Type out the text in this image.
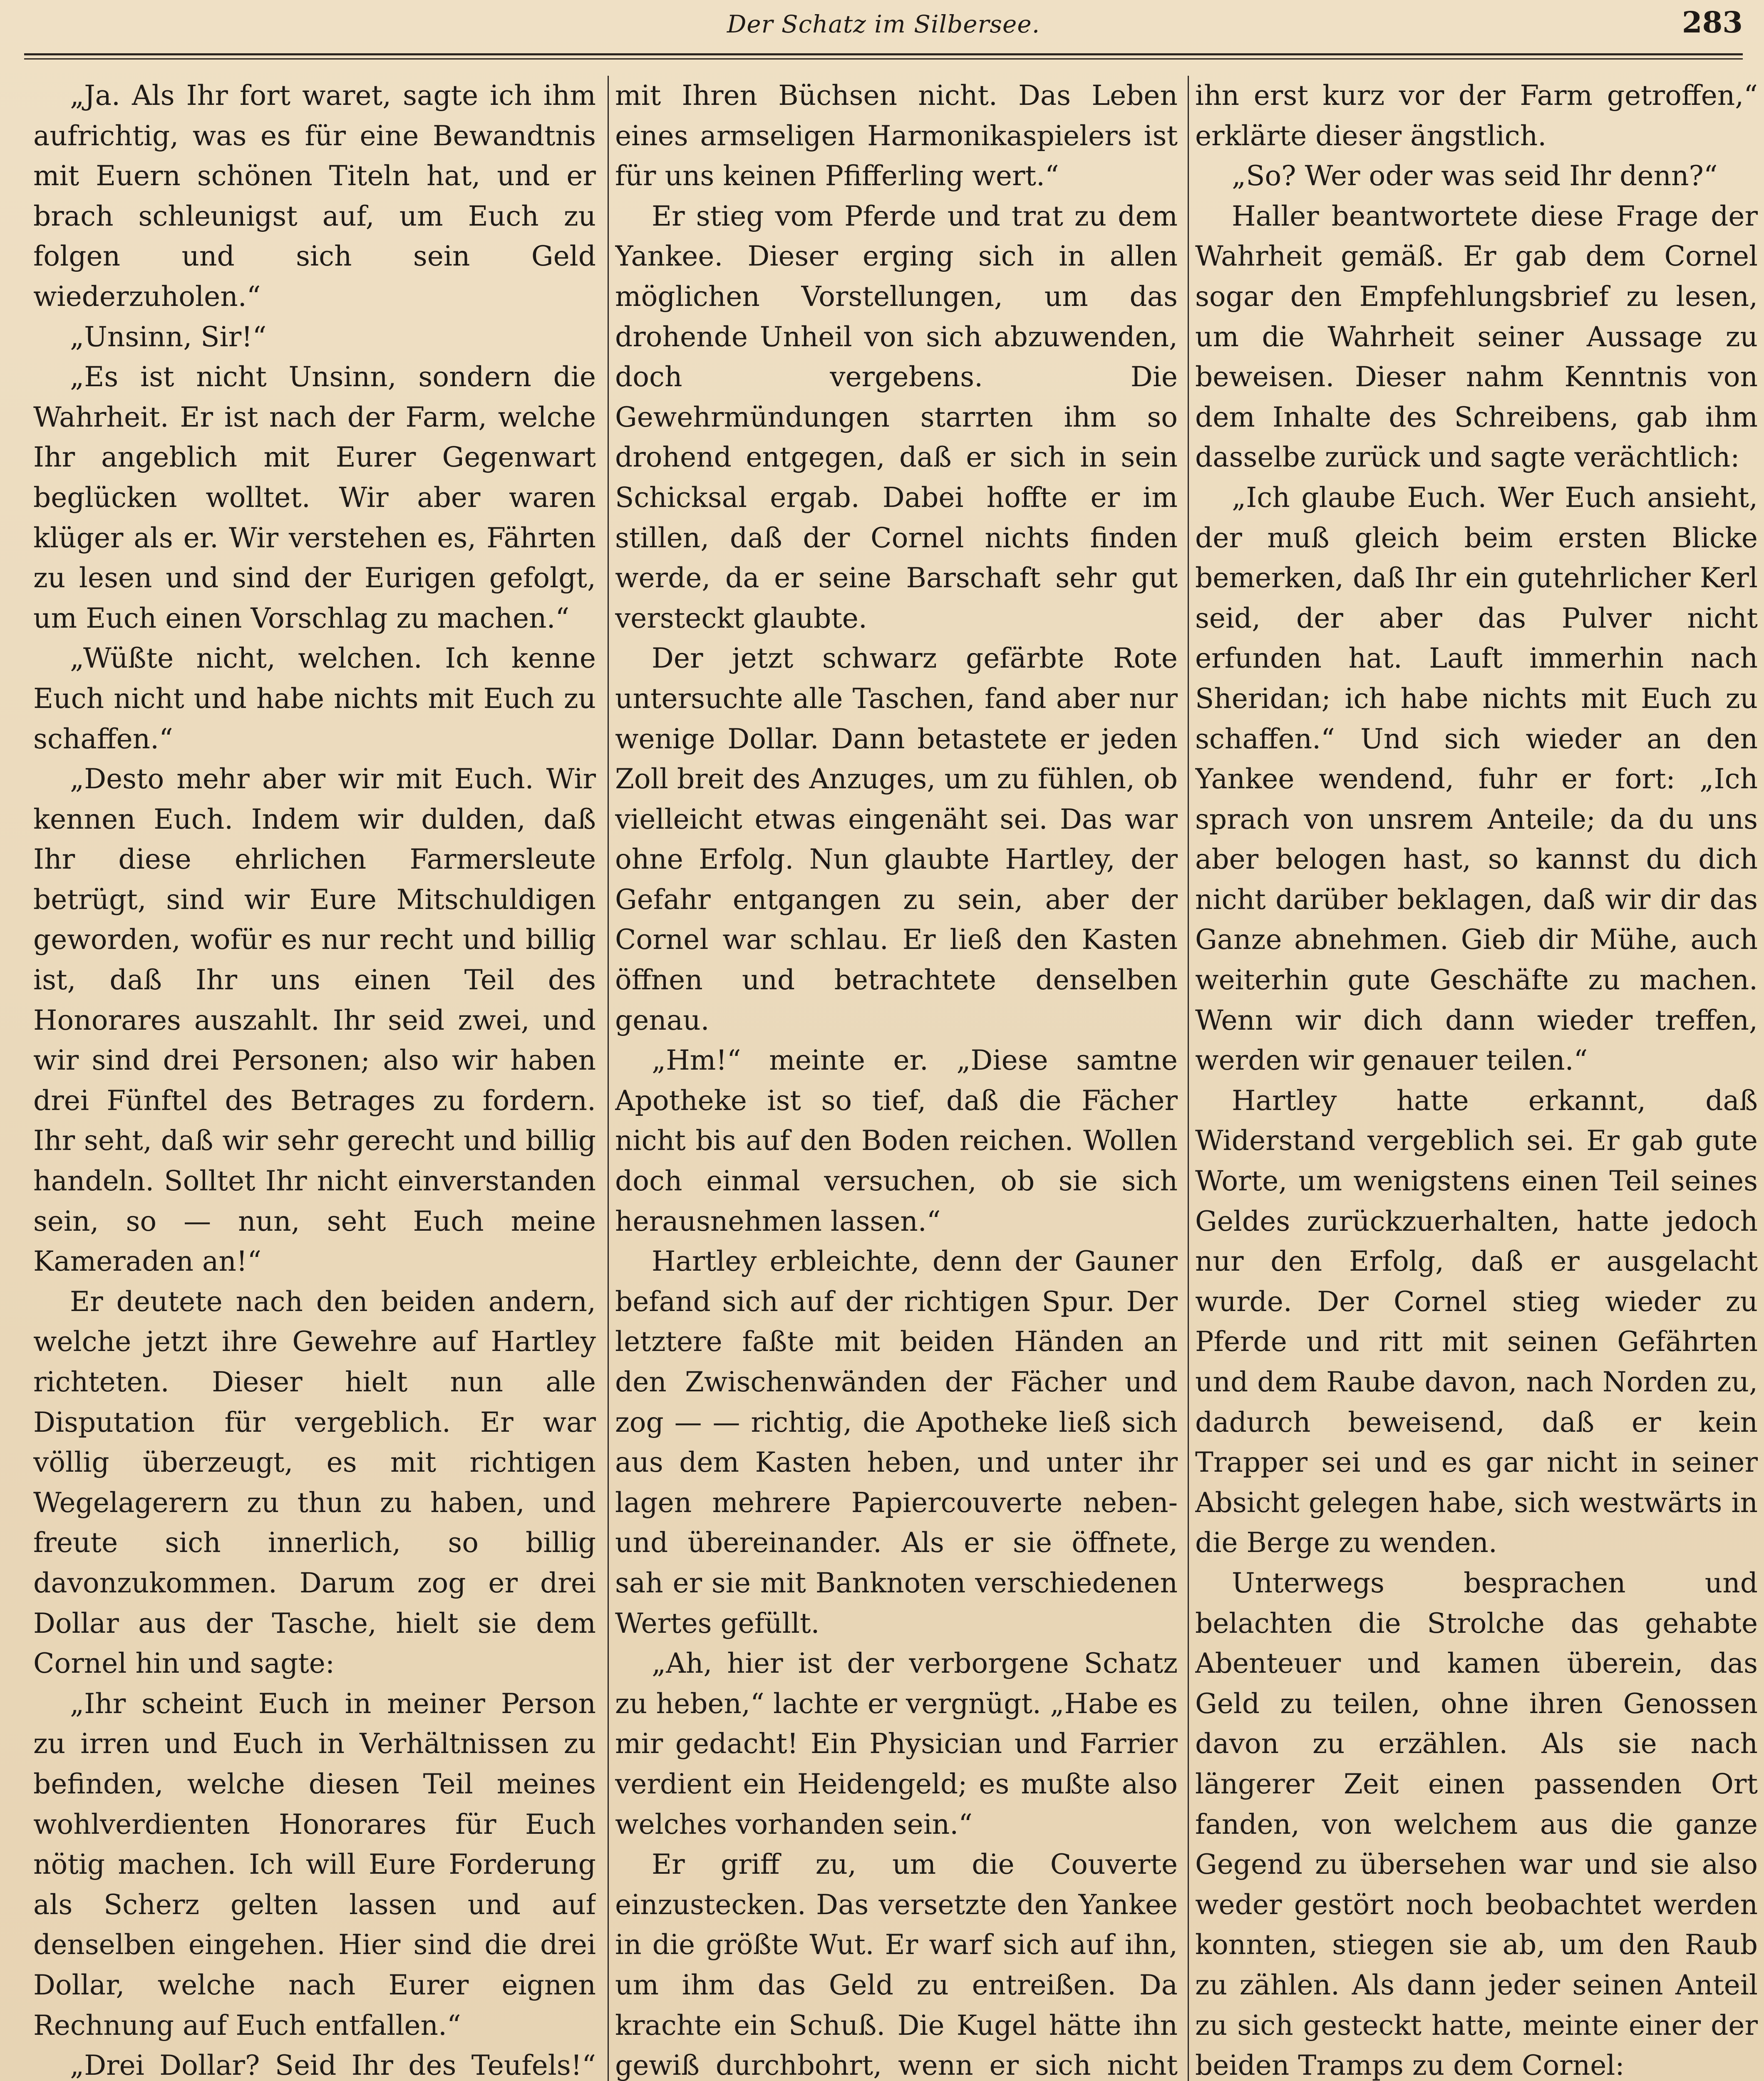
Der Schatz im Silbersee.	283

„Ja. Als Ihr fort waret, sagte ich ihm aufrichtig, was es für eine Bewandtnis mit Euern schönen Titeln hat, und er brach schleunigst auf, um Euch zu folgen und sich sein Geld wiederzuholen.“

„Unsinn, Sir!“

„Es ist nicht Unsinn, sondern die Wahrheit. Er ist nach der Farm, welche Ihr angeblich mit Eurer Gegenwart beglücken wolltet. Wir aber waren klüger als er. Wir verstehen es, Fährten zu lesen und sind der Eurigen gefolgt, um Euch einen Vorschlag zu machen.“

„Wüßte nicht, welchen. Ich kenne Euch nicht und habe nichts mit Euch zu schaffen.“

„Desto mehr aber wir mit Euch. Wir kennen Euch. Indem wir dulden, daß Ihr diese ehrlichen Farmersleute betrügt, sind wir Eure Mitschuldigen geworden, wofür es nur recht und billig ist, daß Ihr uns einen Teil des Honorares auszahlt. Ihr seid zwei, und wir sind drei Personen; also wir haben drei Fünftel des Betrages zu fordern. Ihr seht, daß wir sehr gerecht und billig handeln. Solltet Ihr nicht einverstanden sein, so — nun, seht Euch meine Kameraden an!“

Er deutete nach den beiden andern, welche jetzt ihre Gewehre auf Hartley richteten. Dieser hielt nun alle Disputation für vergeblich. Er war völlig überzeugt, es mit richtigen Wegelagerern zu thun zu haben, und freute sich innerlich, so billig davonzukommen. Darum zog er drei Dollar aus der Tasche, hielt sie dem Cornel hin und sagte:

„Ihr scheint Euch in meiner Person zu irren und Euch in Verhältnissen zu befinden, welche diesen Teil meines wohlverdienten Honorares für Euch nötig machen. Ich will Eure Forderung als Scherz gelten lassen und auf denselben eingehen. Hier sind die drei Dollar, welche nach Eurer eignen Rechnung auf Euch entfallen.“

„Drei Dollar? Seid Ihr des Teufels!“

mit Ihren Büchsen nicht. Das Leben eines armseligen Harmonikaspielers ist für uns keinen Pfifferling wert.“

Er stieg vom Pferde und trat zu dem Yankee. Dieser erging sich in allen möglichen Vorstellungen, um das drohende Unheil von sich abzuwenden, doch vergebens. Die Gewehrmündungen starrten ihm so drohend entgegen, daß er sich in sein Schicksal ergab. Dabei hoffte er im stillen, daß der Cornel nichts finden werde, da er seine Barschaft sehr gut versteckt glaubte.

Der jetzt schwarz gefärbte Rote untersuchte alle Taschen, fand aber nur wenige Dollar. Dann betastete er jeden Zoll breit des Anzuges, um zu fühlen, ob vielleicht etwas eingenäht sei. Das war ohne Erfolg. Nun glaubte Hartley, der Gefahr entgangen zu sein, aber der Cornel war schlau. Er ließ den Kasten öffnen und betrachtete denselben genau.

„Hm!“ meinte er. „Diese samtne Apotheke ist so tief, daß die Fächer nicht bis auf den Boden reichen. Wollen doch einmal versuchen, ob sie sich herausnehmen lassen.“

Hartley erbleichte, denn der Gauner befand sich auf der richtigen Spur. Der letztere faßte mit beiden Händen an den Zwischenwänden der Fächer und zog — — richtig, die Apotheke ließ sich aus dem Kasten heben, und unter ihr lagen mehrere Papiercouverte neben- und übereinander. Als er sie öffnete, sah er sie mit Banknoten verschiedenen Wertes gefüllt.

„Ah, hier ist der verborgene Schatz zu heben,“ lachte er vergnügt. „Habe es mir gedacht! Ein Physician und Farrier verdient ein Heidengeld; es mußte also welches vorhanden sein.“

Er griff zu, um die Couverte einzustecken. Das versetzte den Yankee in die größte Wut. Er warf sich auf ihn, um ihm das Geld zu entreißen. Da krachte ein Schuß. Die Kugel hätte ihn gewiß durchbohrt, wenn er sich nicht

ihn erst kurz vor der Farm getroffen,“ erklärte dieser ängstlich.

„So? Wer oder was seid Ihr denn?“

Haller beantwortete diese Frage der Wahrheit gemäß. Er gab dem Cornel sogar den Empfehlungsbrief zu lesen, um die Wahrheit seiner Aussage zu beweisen. Dieser nahm Kenntnis von dem Inhalte des Schreibens, gab ihm dasselbe zurück und sagte verächtlich:

„Ich glaube Euch. Wer Euch ansieht, der muß gleich beim ersten Blicke bemerken, daß Ihr ein gutehrlicher Kerl seid, der aber das Pulver nicht erfunden hat. Lauft immerhin nach Sheridan; ich habe nichts mit Euch zu schaffen.“ Und sich wieder an den Yankee wendend, fuhr er fort: „Ich sprach von unsrem Anteile; da du uns aber belogen hast, so kannst du dich nicht darüber beklagen, daß wir dir das Ganze abnehmen. Gieb dir Mühe, auch weiterhin gute Geschäfte zu machen. Wenn wir dich dann wieder treffen, werden wir genauer teilen.“

Hartley hatte erkannt, daß Widerstand vergeblich sei. Er gab gute Worte, um wenigstens einen Teil seines Geldes zurückzuerhalten, hatte jedoch nur den Erfolg, daß er ausgelacht wurde. Der Cornel stieg wieder zu Pferde und ritt mit seinen Gefährten und dem Raube davon, nach Norden zu, dadurch beweisend, daß er kein Trapper sei und es gar nicht in seiner Absicht gelegen habe, sich westwärts in die Berge zu wenden.

Unterwegs besprachen und belachten die Strolche das gehabte Abenteuer und kamen überein, das Geld zu teilen, ohne ihren Genossen davon zu erzählen. Als sie nach längerer Zeit einen passenden Ort fanden, von welchem aus die ganze Gegend zu übersehen war und sie also weder gestört noch beobachtet werden konnten, stiegen sie ab, um den Raub zu zählen. Als dann jeder seinen Anteil zu sich gesteckt hatte, meinte einer der beiden Tramps zu dem Cornel:
